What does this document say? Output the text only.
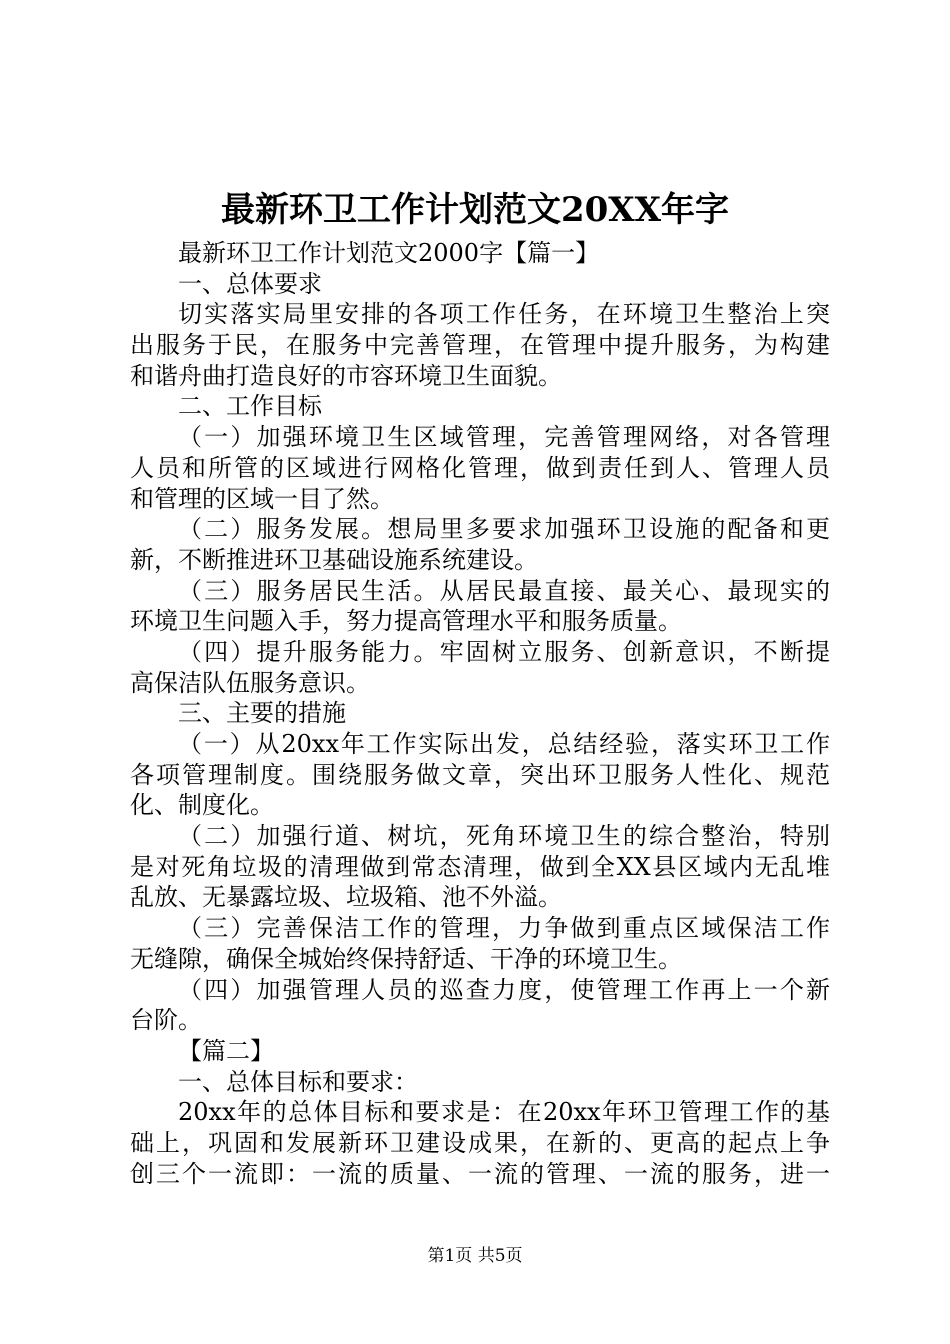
最新环卫工作计划范文20XX年字
最新环卫工作计划范文2000字【篇一】
一、总体要求
切实落实局里安排的各项工作任务，在环境卫生整治上突
出服务于民，在服务中完善管理，在管理中提升服务，为构建
和谐舟曲打造良好的市容环境卫生面貌。
二、工作目标
（一）加强环境卫生区域管理，完善管理网络，对各管理
人员和所管的区域进行网格化管理，做到责任到人、管理人员
和管理的区域一目了然。
（二）服务发展。想局里多要求加强环卫设施的配备和更
新，不断推进环卫基础设施系统建设。
（三）服务居民生活。从居民最直接、最关心、最现实的
环境卫生问题入手，努力提高管理水平和服务质量。
（四）提升服务能力。牢固树立服务、创新意识，不断提
高保洁队伍服务意识。
三、主要的措施
（一）从20xx年工作实际出发，总结经验，落实环卫工作
各项管理制度。围绕服务做文章，突出环卫服务人性化、规范
化、制度化。
（二）加强行道、树坑，死角环境卫生的综合整治，特别
是对死角垃圾的清理做到常态清理，做到全XX县区域内无乱堆
乱放、无暴露垃圾、垃圾箱、池不外溢。
（三）完善保洁工作的管理，力争做到重点区域保洁工作
无缝隙，确保全城始终保持舒适、干净的环境卫生。
（四）加强管理人员的巡查力度，使管理工作再上一个新
台阶。
【篇二】
一、总体目标和要求：
20xx年的总体目标和要求是：在20xx年环卫管理工作的基
础上，巩固和发展新环卫建设成果，在新的、更高的起点上争
创三个一流即：一流的质量、一流的管理、一流的服务，进一
第1页 共5页
